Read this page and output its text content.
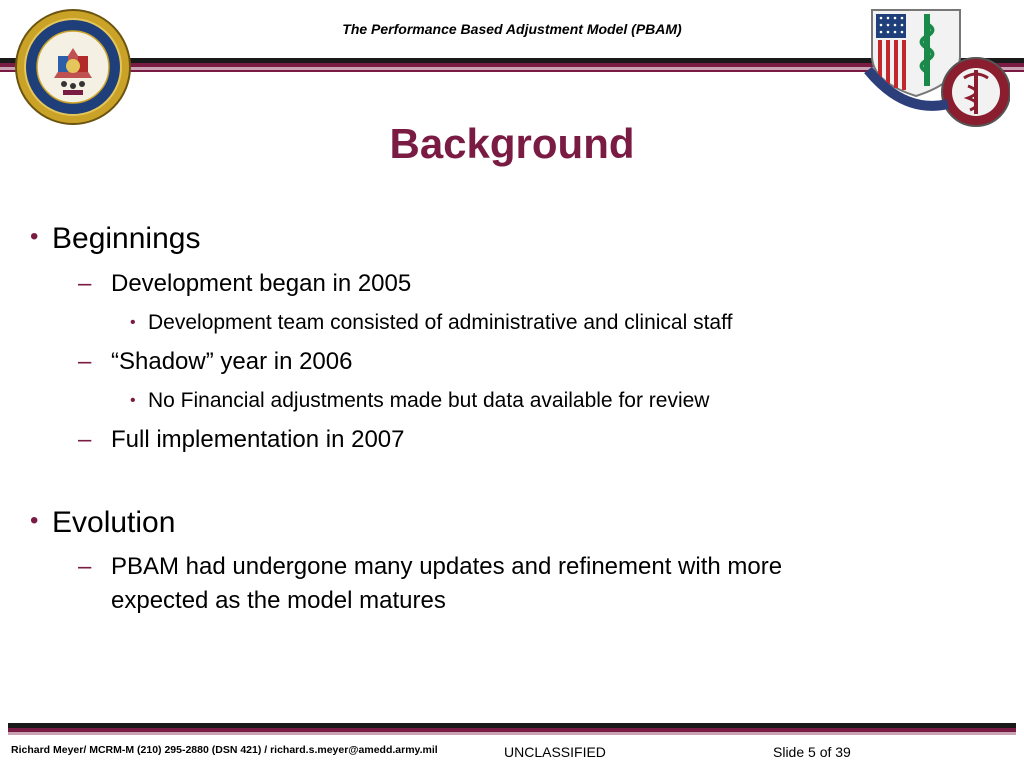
The Performance Based Adjustment Model (PBAM)
Background
• Beginnings
– Development began in 2005
• Development team consisted of administrative and clinical staff
– “Shadow” year in 2006
• No Financial adjustments made but data available for review
– Full implementation in 2007
• Evolution
– PBAM had undergone many updates and refinement with more
expected as the model matures
Richard Meyer/ MCRM-M (210) 295-2880 (DSN 421) / richard.s.meyer@amedd.army.mil	UNCLASSIFIED	Slide 5 of 39
